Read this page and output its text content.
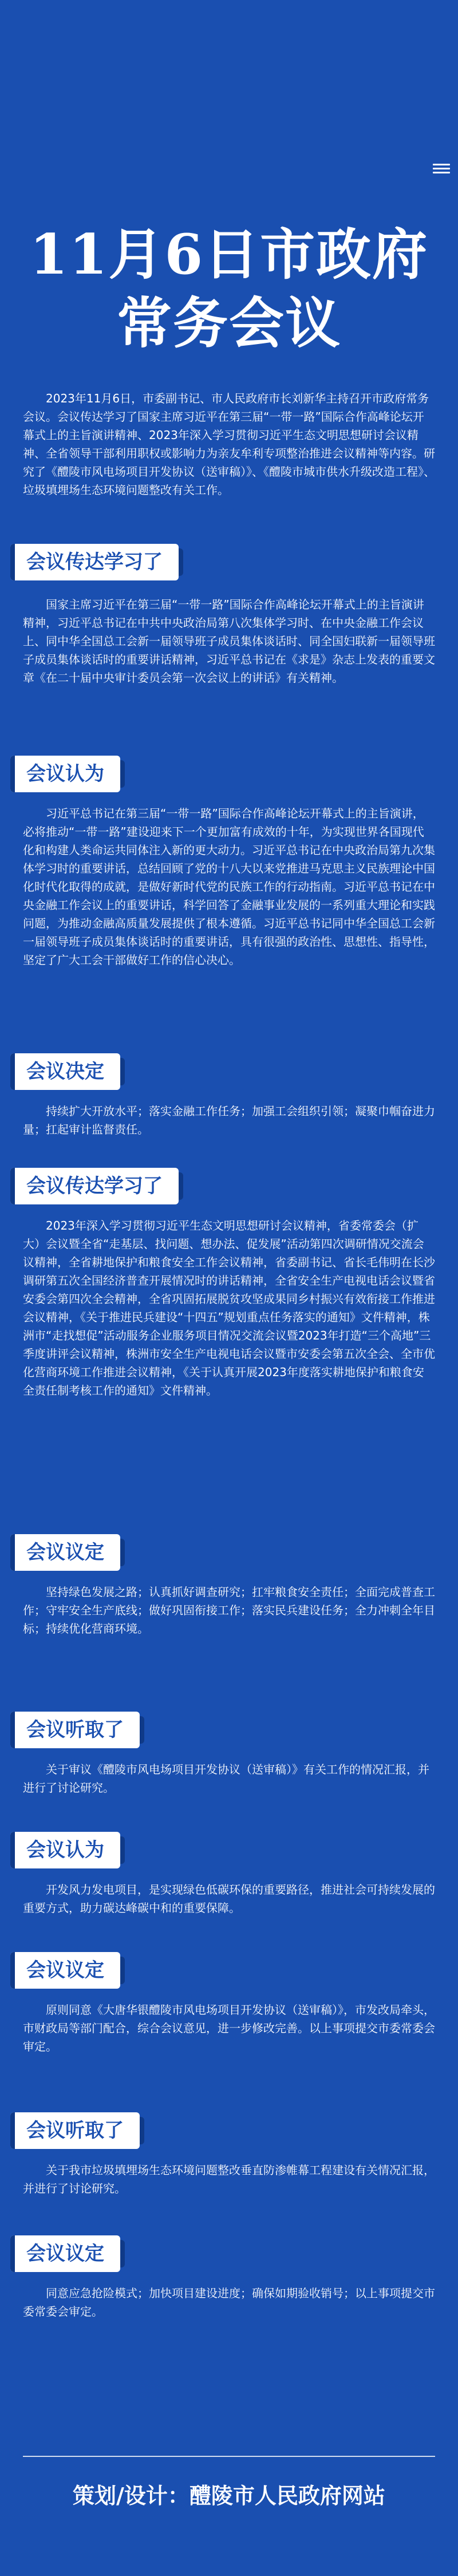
11月6日市政府
常务会议

2023年11月6日，市委副书记、市人民政府市长刘新华主持召开市政府常务会议。会议传达学习了国家主席习近平在第三届“一带一路”国际合作高峰论坛开幕式上的主旨演讲精神、2023年深入学习贯彻习近平生态文明思想研讨会议精神、全省领导干部利用职权或影响力为亲友牟利专项整治推进会议精神等内容。研究了《醴陵市风电场项目开发协议（送审稿）》、《醴陵市城市供水升级改造工程》、垃圾填埋场生态环境问题整改有关工作。

会议传达学习了

国家主席习近平在第三届“一带一路”国际合作高峰论坛开幕式上的主旨演讲精神，习近平总书记在中共中央政治局第八次集体学习时、在中央金融工作会议上、同中华全国总工会新一届领导班子成员集体谈话时、同全国妇联新一届领导班子成员集体谈话时的重要讲话精神，习近平总书记在《求是》杂志上发表的重要文章《在二十届中央审计委员会第一次会议上的讲话》有关精神。

会议认为

习近平总书记在第三届“一带一路”国际合作高峰论坛开幕式上的主旨演讲，必将推动“一带一路”建设迎来下一个更加富有成效的十年，为实现世界各国现代化和构建人类命运共同体注入新的更大动力。习近平总书记在中央政治局第九次集体学习时的重要讲话，总结回顾了党的十八大以来党推进马克思主义民族理论中国化时代化取得的成就，是做好新时代党的民族工作的行动指南。习近平总书记在中央金融工作会议上的重要讲话，科学回答了金融事业发展的一系列重大理论和实践问题，为推动金融高质量发展提供了根本遵循。习近平总书记同中华全国总工会新一届领导班子成员集体谈话时的重要讲话，具有很强的政治性、思想性、指导性，坚定了广大工会干部做好工作的信心决心。

会议决定

持续扩大开放水平；落实金融工作任务；加强工会组织引领；凝聚巾帼奋进力量；扛起审计监督责任。

会议传达学习了

2023年深入学习贯彻习近平生态文明思想研讨会议精神，省委常委会（扩大）会议暨全省“走基层、找问题、想办法、促发展”活动第四次调研情况交流会议精神，全省耕地保护和粮食安全工作会议精神，省委副书记、省长毛伟明在长沙调研第五次全国经济普查开展情况时的讲话精神，全省安全生产电视电话会议暨省安委会第四次全会精神，全省巩固拓展脱贫攻坚成果同乡村振兴有效衔接工作推进会议精神，《关于推进民兵建设“十四五”规划重点任务落实的通知》文件精神，株洲市“走找想促”活动服务企业服务项目情况交流会议暨2023年打造“三个高地”三季度讲评会议精神，株洲市安全生产电视电话会议暨市安委会第五次全会、全市优化营商环境工作推进会议精神，《关于认真开展2023年度落实耕地保护和粮食安全责任制考核工作的通知》文件精神。

会议议定

坚持绿色发展之路；认真抓好调查研究；扛牢粮食安全责任；全面完成普查工作；守牢安全生产底线；做好巩固衔接工作；落实民兵建设任务；全力冲刺全年目标；持续优化营商环境。

会议听取了

关于审议《醴陵市风电场项目开发协议（送审稿）》有关工作的情况汇报，并进行了讨论研究。

会议认为

开发风力发电项目，是实现绿色低碳环保的重要路径，推进社会可持续发展的重要方式，助力碳达峰碳中和的重要保障。

会议议定

原则同意《大唐华银醴陵市风电场项目开发协议（送审稿）》，市发改局牵头，市财政局等部门配合，综合会议意见，进一步修改完善。以上事项提交市委常委会审定。

会议听取了

关于我市垃圾填埋场生态环境问题整改垂直防渗帷幕工程建设有关情况汇报，并进行了讨论研究。

会议议定

同意应急抢险模式；加快项目建设进度；确保如期验收销号；以上事项提交市委常委会审定。

策划/设计：醴陵市人民政府网站
